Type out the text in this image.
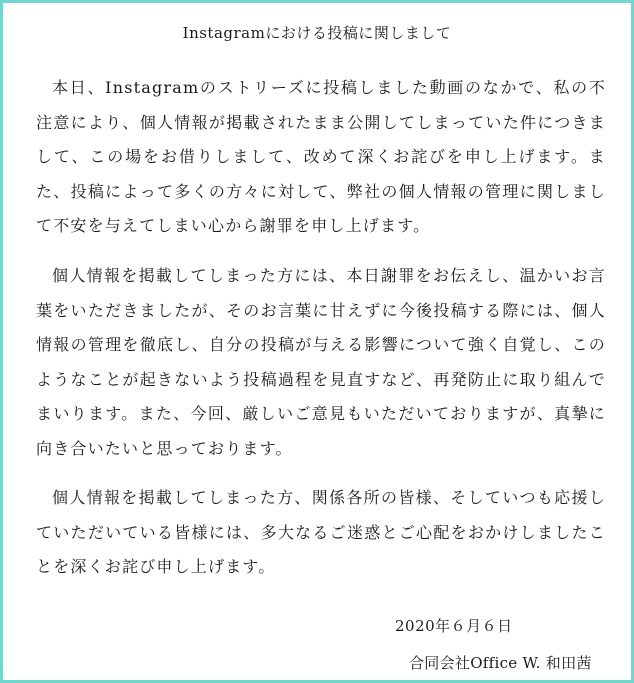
Instagramにおける投稿に関しまして

本日、Instagramのストリーズに投稿しました動画のなかで、私の不注意により、個人情報が掲載されたまま公開してしまっていた件につきまして、この場をお借りしまして、改めて深くお詫びを申し上げます。また、投稿によって多くの方々に対して、弊社の個人情報の管理に関しまして不安を与えてしまい心から謝罪を申し上げます。

個人情報を掲載してしまった方には、本日謝罪をお伝えし、温かいお言葉をいただきましたが、そのお言葉に甘えずに今後投稿する際には、個人情報の管理を徹底し、自分の投稿が与える影響について強く自覚し、このようなことが起きないよう投稿過程を見直すなど、再発防止に取り組んでまいります。また、今回、厳しいご意見もいただいておりますが、真摯に向き合いたいと思っております。

個人情報を掲載してしまった方、関係各所の皆様、そしていつも応援していただいている皆様には、多大なるご迷惑とご心配をおかけしましたことを深くお詫び申し上げます。

2020年６月６日
合同会社Office W. 和田茜
